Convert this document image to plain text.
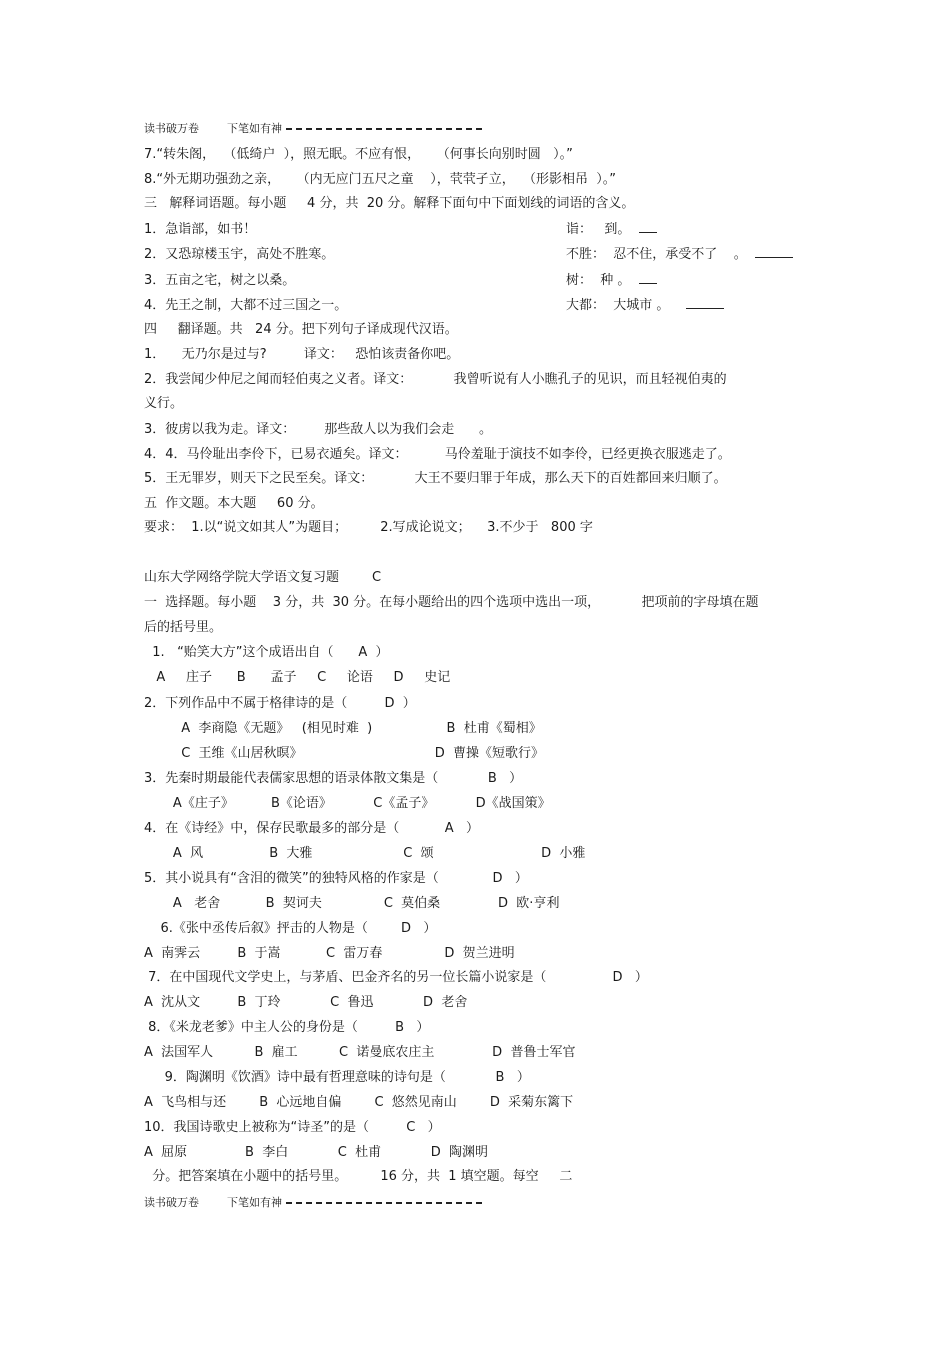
读书破万卷	下笔如有神
7.“转朱阁，  （低绮户  ），照无眠。不应有恨，    （何事长向别时圆   ）。”
8.“外无期功强劲之亲，    （内无应门五尺之童    ），茕茕孑立，  （形影相吊  ）。”
三   解释词语题。每小题     4 分，共  20 分。解释下面句中下面划线的词语的含义。
1．急诣部，如书！	诣：   到。
2．又恐琼楼玉宇，高处不胜寒。	不胜：  忍不住，承受不了    。
3．五亩之宅，树之以桑。	树：  种 。
4．先王之制，大都不过三国之一。	大都：  大城市 。
四     翻译题。共   24 分。把下列句子译成现代汉语。
1．    无乃尔是过与?         译文：   恐怕该责备你吧。
2．我尝闻少仲尼之闻而轻伯夷之义者。译文：          我曾听说有人小瞧孔子的见识，而且轻视伯夷的
义行。
3．彼虏以我为走。译文：       那些敌人以为我们会走      。
4．4．马伶耻出李伶下，已易衣遁矣。译文：         马伶羞耻于演技不如李伶，已经更换衣服逃走了。
5．王无罪岁，则天下之民至矣。译文：          大王不要归罪于年成，那么天下的百姓都回来归顺了。
五  作文题。本大题     60 分。
要求：  1.以“说文如其人”为题目；        2.写成论说文；    3.不少于   800 字
山东大学网络学院大学语文复习题        C
一  选择题。每小题    3 分，共  30 分。在每小题给出的四个选项中选出一项，          把项前的字母填在题
后的括号里。
1.   “贻笑大方”这个成语出自（      A  ）
A     庄子      B      孟子     C     论语     D     史记
2．下列作品中不属于格律诗的是（         D  ）
A  李商隐《无题》   (相见时难  )                  B  杜甫《蜀相》
C  王维《山居秋暝》                                D  曹操《短歌行》
3．先秦时期最能代表儒家思想的语录体散文集是（            B   ）
A《庄子》         B《论语》          C《孟子》          D《战国策》
4．在《诗经》中，保存民歌最多的部分是（           A   ）
A  风                B  大雅                      C  颂                          D  小雅
5．其小说具有“含泪的微笑”的独特风格的作家是（             D   ）
A   老舍           B  契诃夫               C  莫伯桑              D  欧·亨利
6.《张中丞传后叙》抨击的人物是（        D   ）
A  南霁云         B  于嵩           C  雷万春               D  贺兰进明
7．在中国现代文学史上，与茅盾、巴金齐名的另一位长篇小说家是（                D   ）
A  沈从文         B  丁玲            C  鲁迅            D  老舍
8．《米龙老爹》中主人公的身份是（         B   ）
A  法国军人          B  雇工          C  诺曼底农庄主              D  普鲁士军官
9．陶渊明《饮酒》诗中最有哲理意味的诗句是（            B   ）
A  飞鸟相与还        B  心远地自偏        C  悠然见南山        D  采菊东篱下
10．我国诗歌史上被称为“诗圣”的是（         C   ）
A  屈原              B  李白            C  杜甫            D  陶渊明
分。把答案填在小题中的括号里。        16 分，共  1 填空题。每空     二
读书破万卷	下笔如有神
